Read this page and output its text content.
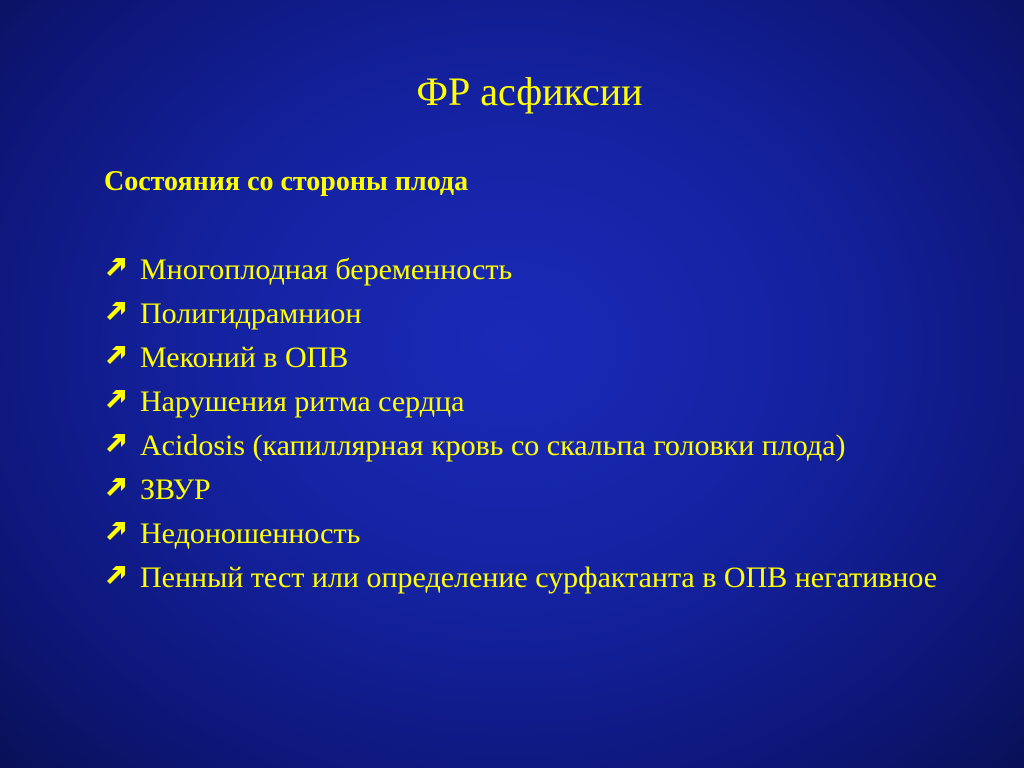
ФР асфиксии
Состояния со стороны плода
Многоплодная беременность
Полигидрамнион
Меконий в ОПВ
Нарушения ритма сердца
Acidosis (капиллярная кровь со скальпа головки плода)
ЗВУР
Недоношенность
Пенный тест или определение сурфактанта в ОПВ негативное
